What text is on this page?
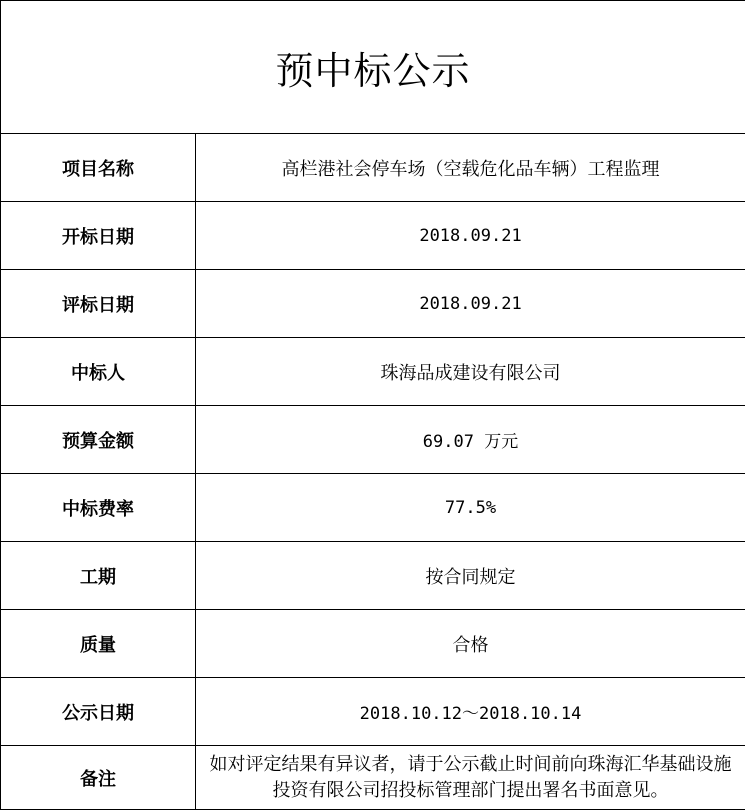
预中标公示	
项目名称	高栏港社会停车场（空载危化品车辆）工程监理
开标日期	2018.09.21
评标日期	2018.09.21
中标人	珠海品成建设有限公司
预算金额	69.07 万元
中标费率	77.5%
工期	按合同规定
质量	合格
公示日期	2018.10.12～2018.10.14
备注	如对评定结果有异议者，请于公示截止时间前向珠海汇华基础设施投资有限公司招投标管理部门提出署名书面意见。
